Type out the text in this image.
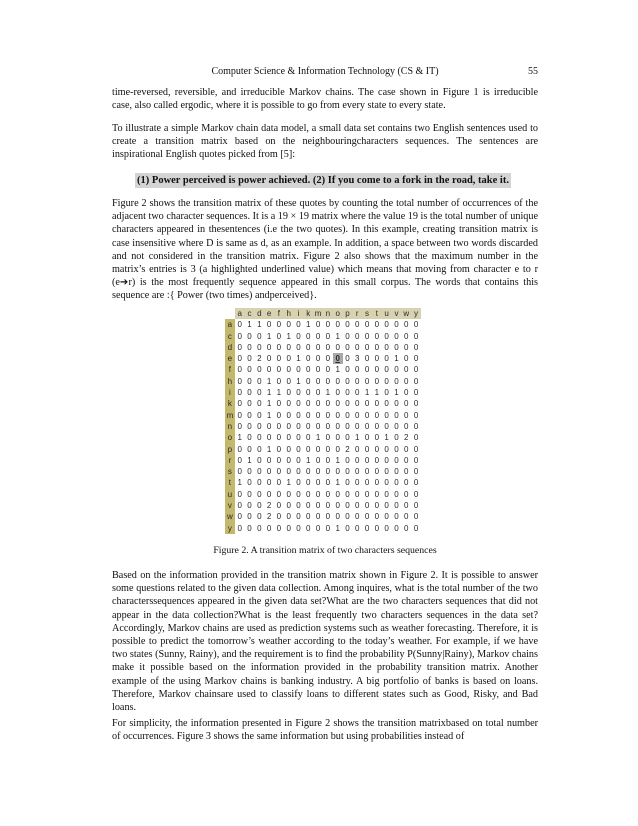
Computer Science & Information Technology (CS & IT)	55

time-reversed, reversible, and irreducible Markov chains. The case shown in Figure 1 is irreducible case, also called ergodic, where it is possible to go from every state to every state.

To illustrate a simple Markov chain data model, a small data set contains two English sentences used to create a transition matrix based on the neighbouringcharacters sequences. The sentences are inspirational English quotes picked from [5]:

(1) Power perceived is power achieved. (2) If you come to a fork in the road, take it.

Figure 2 shows the transition matrix of these quotes by counting the total number of occurrences of the adjacent two character sequences. It is a 19 × 19 matrix where the value 19 is the total number of unique characters appeared in thesentences (i.e the two quotes). In this example, creating transition matrix is case insensitive where D is same as d, as an example. In addition, a space between two words discarded and not considered in the transition matrix. Figure 2 also shows that the maximum number in the matrix’s entries is 3 (a highlighted underlined value) which means that moving from character e to r (e➔r) is the most frequently sequence appeared in this small corpus. The words that contains this sequence are :{ Power (two times) andperceived}.

	a	c	d	e	f	h	i	k	m	n	o	p	r	s	t	u	v	w	y
a	0	1	1	0	0	0	0	1	0	0	0	0	0	0	0	0	0	0	0
c	0	0	0	1	0	1	0	0	0	0	1	0	0	0	0	0	0	0	0
d	0	0	0	0	0	0	0	0	0	0	0	0	0	0	0	0	0	0	0
e	0	0	2	0	0	0	1	0	0	0	0	0	3	0	0	0	1	0	0
f	0	0	0	0	0	0	0	0	0	0	1	0	0	0	0	0	0	0	0
h	0	0	0	1	0	0	1	0	0	0	0	0	0	0	0	0	0	0	0
i	0	0	0	1	1	0	0	0	0	1	0	0	0	1	1	0	1	0	0
k	0	0	0	1	0	0	0	0	0	0	0	0	0	0	0	0	0	0	0
m	0	0	0	1	0	0	0	0	0	0	0	0	0	0	0	0	0	0	0
n	0	0	0	0	0	0	0	0	0	0	0	0	0	0	0	0	0	0	0
o	1	0	0	0	0	0	0	0	1	0	0	0	1	0	0	1	0	2	0
p	0	0	0	1	0	0	0	0	0	0	0	2	0	0	0	0	0	0	0
r	0	1	0	0	0	0	0	1	0	0	1	0	0	0	0	0	0	0	0
s	0	0	0	0	0	0	0	0	0	0	0	0	0	0	0	0	0	0	0
t	1	0	0	0	0	1	0	0	0	0	1	0	0	0	0	0	0	0	0
u	0	0	0	0	0	0	0	0	0	0	0	0	0	0	0	0	0	0	0
v	0	0	0	2	0	0	0	0	0	0	0	0	0	0	0	0	0	0	0
w	0	0	0	2	0	0	0	0	0	0	0	0	0	0	0	0	0	0	0
y	0	0	0	0	0	0	0	0	0	0	1	0	0	0	0	0	0	0	0
Figure 2. A transition matrix of two characters sequences

Based on the information provided in the transition matrix shown in Figure 2. It is possible to answer some questions related to the given data collection. Among inquires, what is the total number of the two characterssequences appeared in the given data set?What are the two characters sequences that did not appear in the data collection?What is the least frequently two characters sequences in the data set? Accordingly, Markov chains are used as prediction systems such as weather forecasting. Therefore, it is possible to predict the tomorrow’s weather according to the today’s weather. For example, if we have two states (Sunny, Rainy), and the requirement is to find the probability P(Sunny|Rainy), Markov chains make it possible based on the information provided in the probability transition matrix. Another example of the using Markov chains is banking industry. A big portfolio of banks is based on loans. Therefore, Markov chainsare used to classify loans to different states such as Good, Risky, and Bad loans.

For simplicity, the information presented in Figure 2 shows the transition matrixbased on total number of occurrences. Figure 3 shows the same information but using probabilities instead of
